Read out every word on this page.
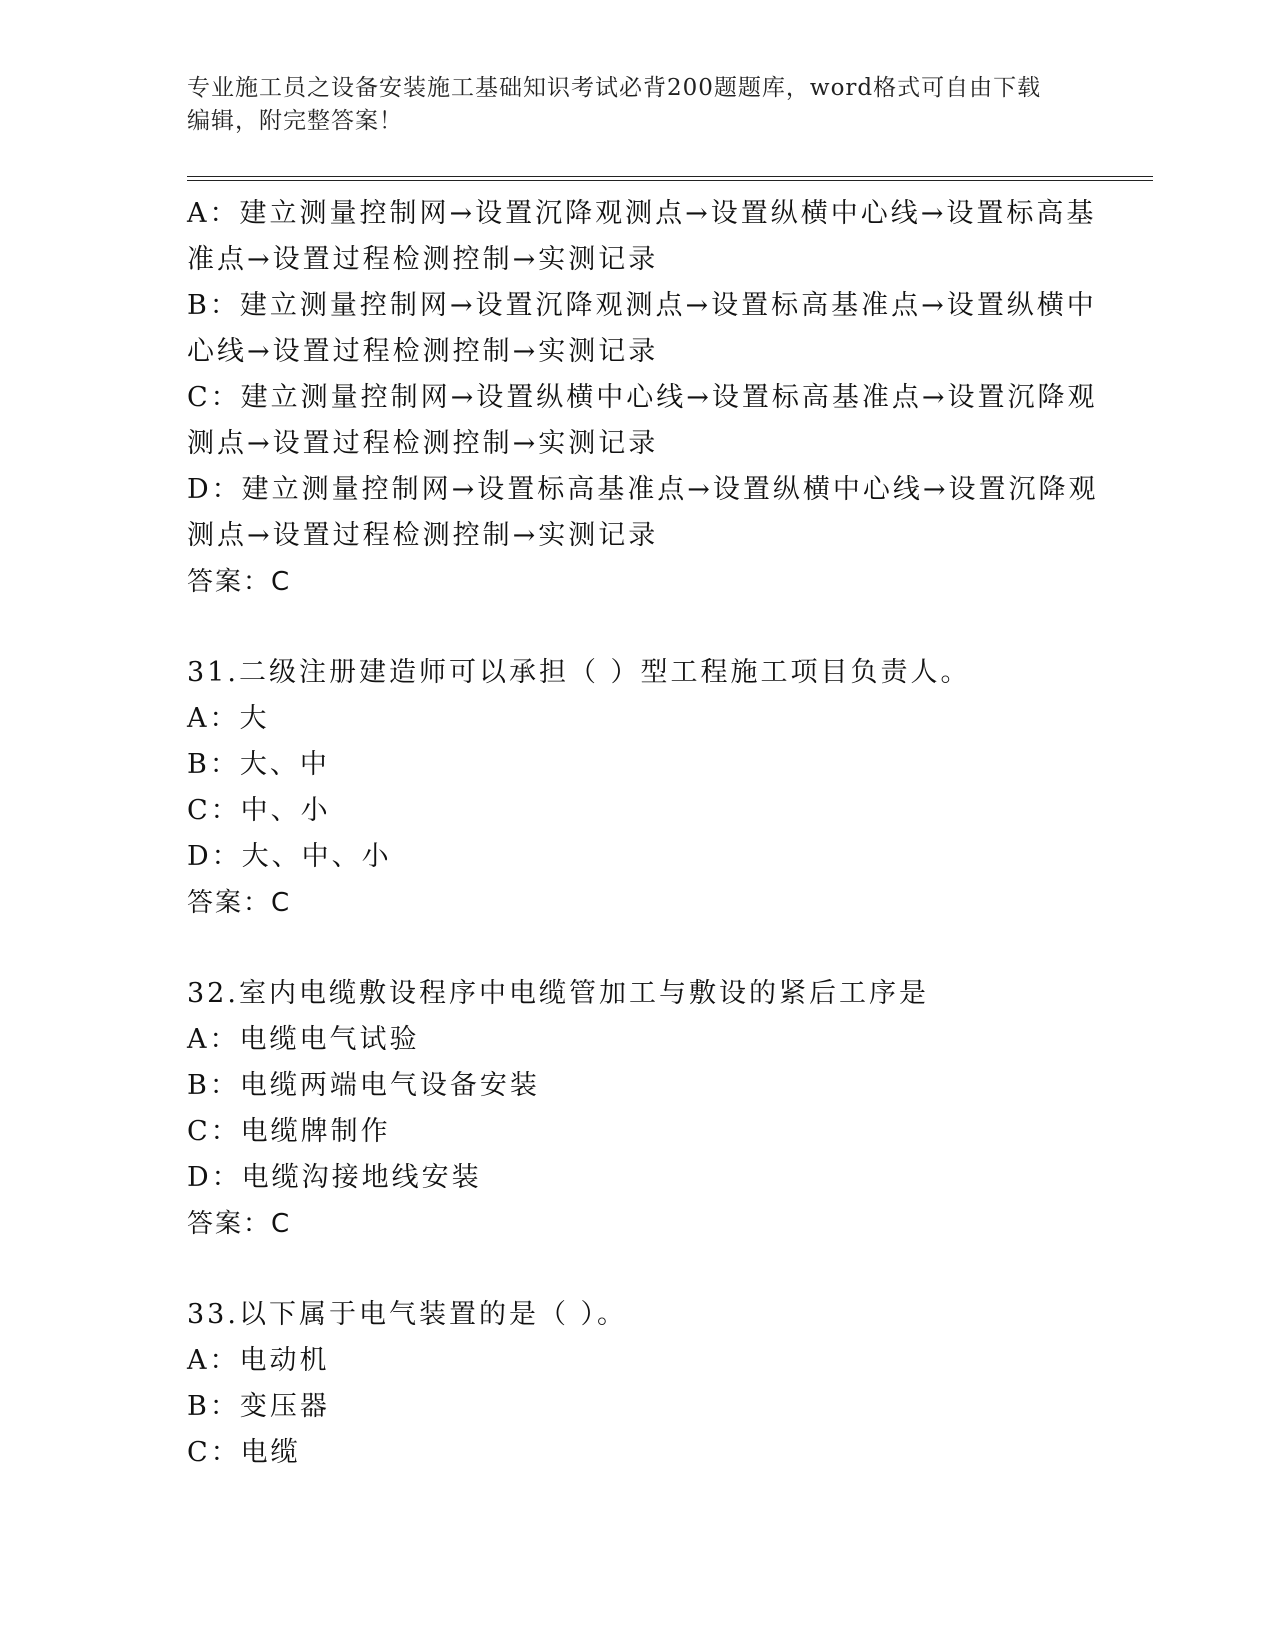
专业施工员之设备安装施工基础知识考试必背200题题库，word格式可自由下载
编辑，附完整答案！
A：建立测量控制网→设置沉降观测点→设置纵横中心线→设置标高基
准点→设置过程检测控制→实测记录
B：建立测量控制网→设置沉降观测点→设置标高基准点→设置纵横中
心线→设置过程检测控制→实测记录
C：建立测量控制网→设置纵横中心线→设置标高基准点→设置沉降观
测点→设置过程检测控制→实测记录
D：建立测量控制网→设置标高基准点→设置纵横中心线→设置沉降观
测点→设置过程检测控制→实测记录
答案：C
31.二级注册建造师可以承担（ ）型工程施工项目负责人。
A：大
B：大、中
C：中、小
D：大、中、小
答案：C
32.室内电缆敷设程序中电缆管加工与敷设的紧后工序是
A：电缆电气试验
B：电缆两端电气设备安装
C：电缆牌制作
D：电缆沟接地线安装
答案：C
33.以下属于电气装置的是（ ）。
A：电动机
B：变压器
C：电缆
